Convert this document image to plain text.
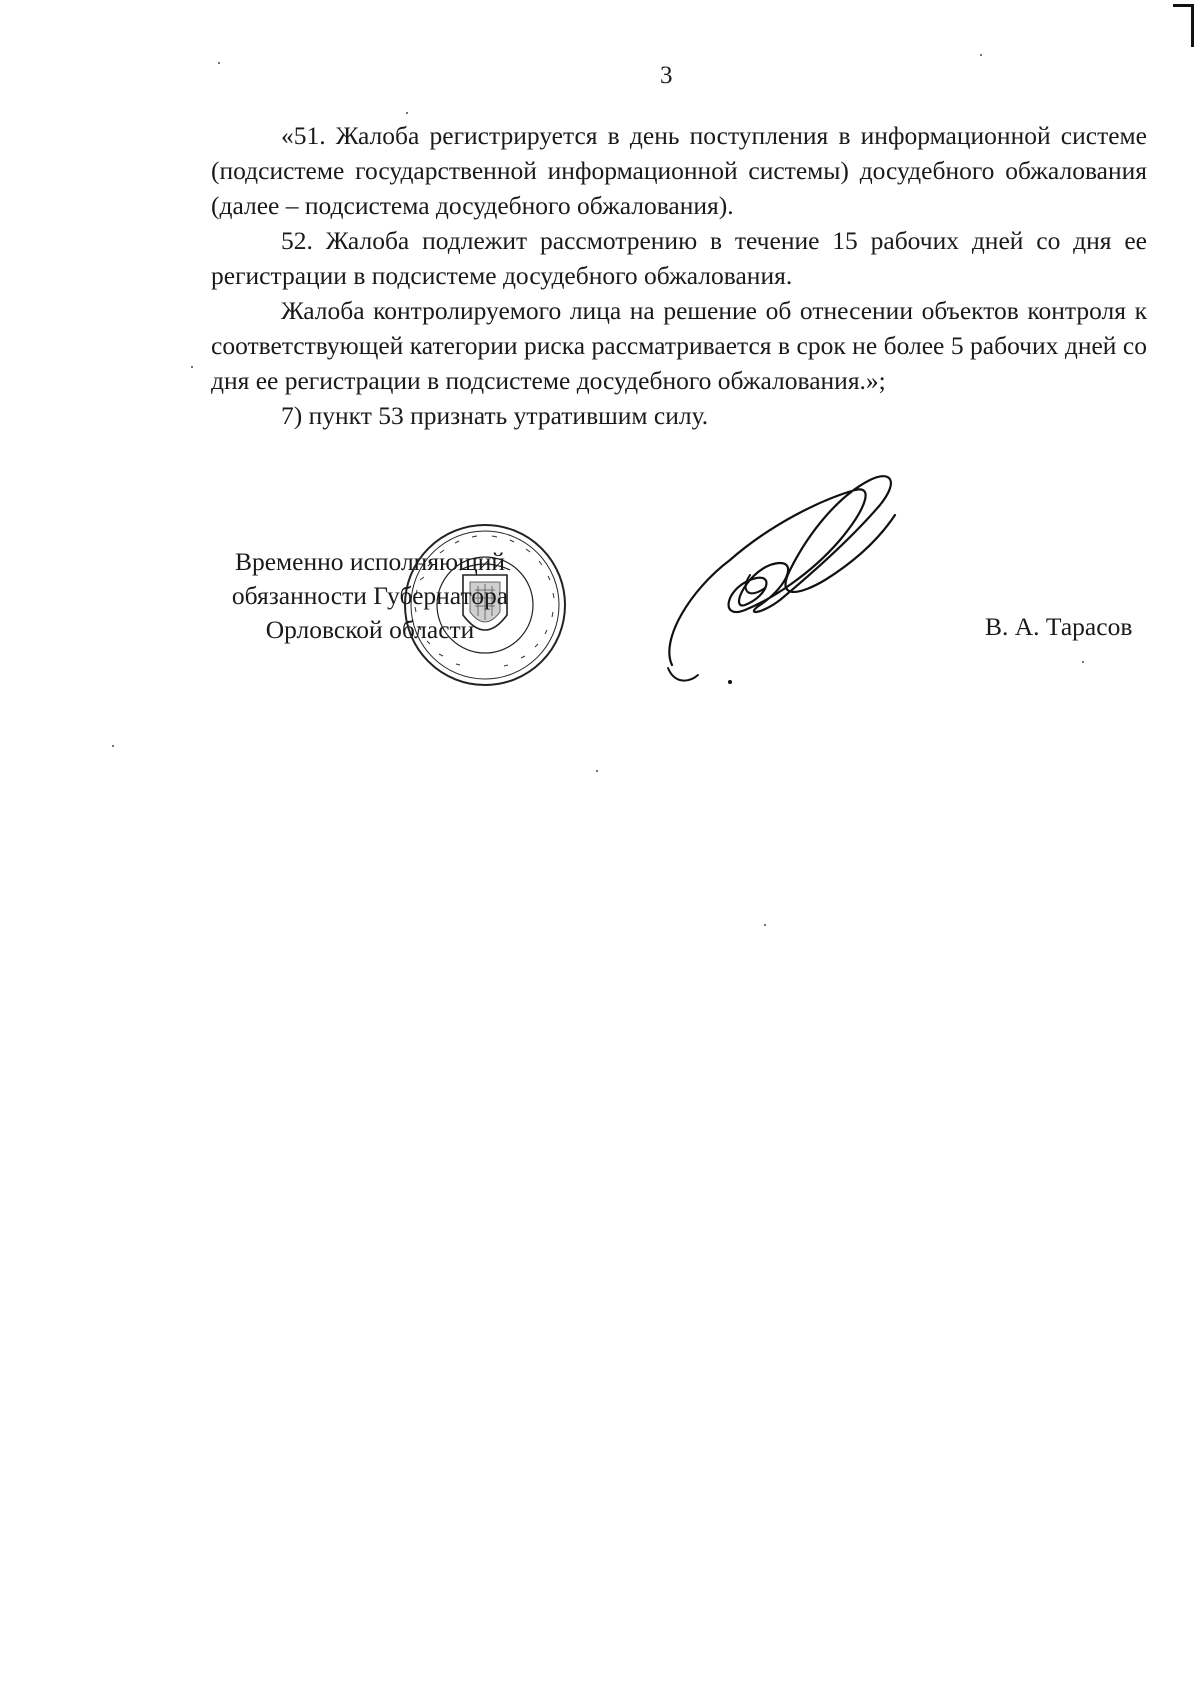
3

«51. Жалоба регистрируется в день поступления в информационной системе (подсистеме государственной информационной системы) досудебного обжалования (далее – подсистема досудебного обжалования).

52. Жалоба подлежит рассмотрению в течение 15 рабочих дней со дня ее регистрации в подсистеме досудебного обжалования.

Жалоба контролируемого лица на решение об отнесении объектов контроля к соответствующей категории риска рассматривается в срок не более 5 рабочих дней со дня ее регистрации в подсистеме досудебного обжалования.»;

7) пункт 53 признать утратившим силу.

Временно исполняющий
обязанности Губернатора
Орловской области	В. А. Тарасов
